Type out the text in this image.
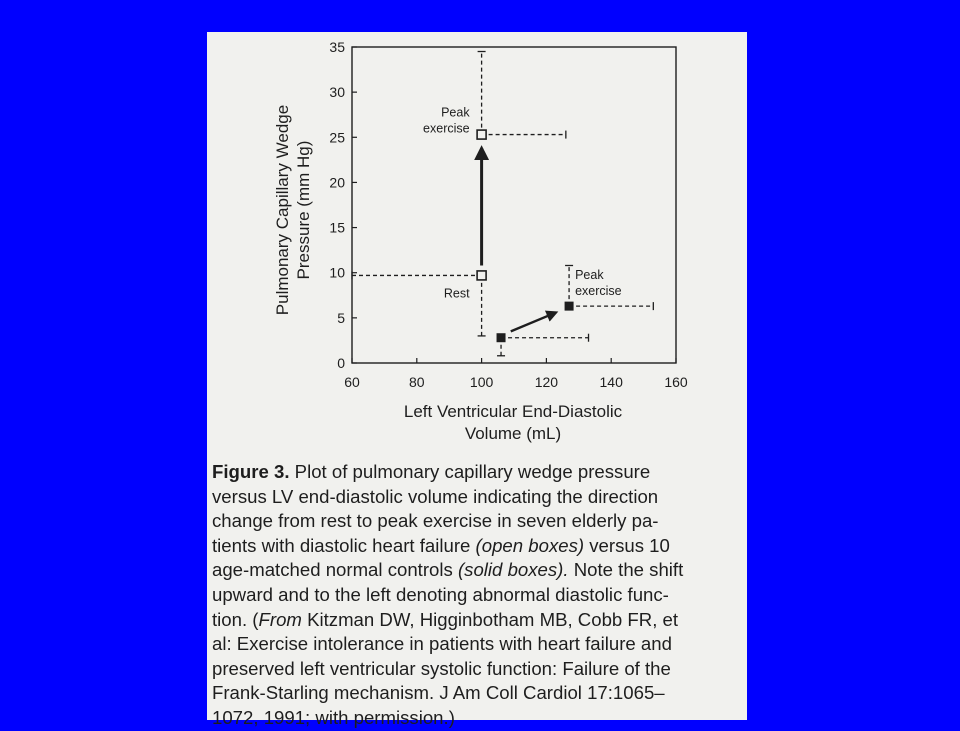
0
5
10
15
20
25
30
35
60	80	100	120	140	160
Left Ventricular End-Diastolic
Volume (mL)
Pulmonary Capillary Wedge Pressure (mm Hg)
Rest
Peak exercise
Peak exercise
Figure 3. Plot of pulmonary capillary wedge pressure
versus LV end-diastolic volume indicating the direction
change from rest to peak exercise in seven elderly pa-
tients with diastolic heart failure (open boxes) versus 10
age-matched normal controls (solid boxes). Note the shift
upward and to the left denoting abnormal diastolic func-
tion. (From Kitzman DW, Higginbotham MB, Cobb FR, et
al: Exercise intolerance in patients with heart failure and
preserved left ventricular systolic function: Failure of the
Frank-Starling mechanism. J Am Coll Cardiol 17:1065–
1072, 1991; with permission.)
